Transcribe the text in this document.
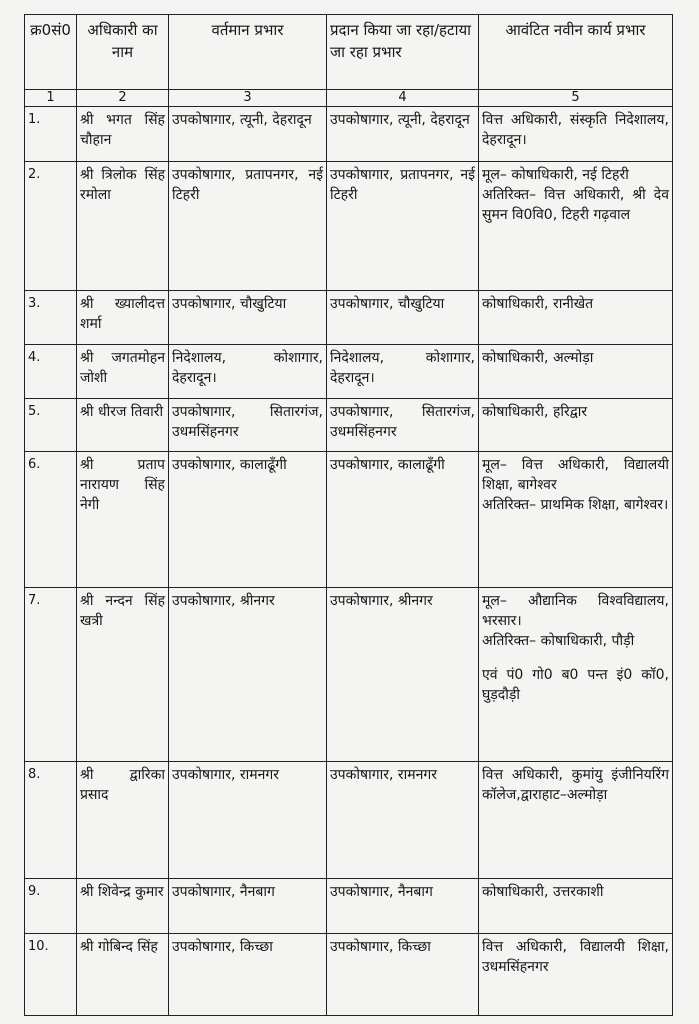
क्र0सं0	अधिकारी का नाम	वर्तमान प्रभार	प्रदान किया जा रहा/हटाया जा रहा प्रभार	आवंटित नवीन कार्य प्रभार
1	2	3	4	5
1.	श्री भगत सिंह चौहान	उपकोषागार, त्यूनी, देहरादून	उपकोषागार, त्यूनी, देहरादून	वित्त अधिकारी, संस्कृति निदेशालय, देहरादून।

2.	श्री त्रिलोक सिंह रमोला	उपकोषागार, प्रतापनगर, नई टिहरी	उपकोषागार, प्रतापनगर, नई टिहरी	मूल– कोषाधिकारी, नई टिहरी
अतिरिक्त– वित्त अधिकारी, श्री देव सुमन वि0वि0, टिहरी गढ़वाल

3.	श्री ख्यालीदत्त शर्मा	उपकोषागार, चौखुटिया	उपकोषागार, चौखुटिया	कोषाधिकारी, रानीखेत

4.	श्री जगतमोहन जोशी	निदेशालय, कोशागार, देहरादून।	निदेशालय, कोशागार, देहरादून।	कोषाधिकारी, अल्मोड़ा

5.	श्री धीरज तिवारी	उपकोषागार, सितारगंज, उधमसिंहनगर	उपकोषागार, सितारगंज, उधमसिंहनगर	कोषाधिकारी, हरिद्वार

6.	श्री प्रताप नारायण सिंह नेगी	उपकोषागार, कालाढूँगी	उपकोषागार, कालाढूँगी	मूल– वित्त अधिकारी, विद्यालयी शिक्षा, बागेश्वर
अतिरिक्त– प्राथमिक शिक्षा, बागेश्वर।

7.	श्री नन्दन सिंह खत्री	उपकोषागार, श्रीनगर	उपकोषागार, श्रीनगर	मूल– औद्यानिक विश्वविद्यालय, भरसार।
अतिरिक्त– कोषाधिकारी, पौड़ी
एवं पं0 गो0 ब0 पन्त इं0 कॉ0, घुड़दौड़ी

8.	श्री द्वारिका प्रसाद	उपकोषागार, रामनगर	उपकोषागार, रामनगर	वित्त अधिकारी, कुमांयु इंजीनियरिंग कॉलेज,द्वाराहाट–अल्मोड़ा

9.	श्री शिवेन्द्र कुमार	उपकोषागार, नैनबाग	उपकोषागार, नैनबाग	कोषाधिकारी, उत्तरकाशी

10.	श्री गोबिन्द सिंह	उपकोषागार, किच्छा	उपकोषागार, किच्छा	वित्त अधिकारी, विद्यालयी शिक्षा, उधमसिंहनगर
